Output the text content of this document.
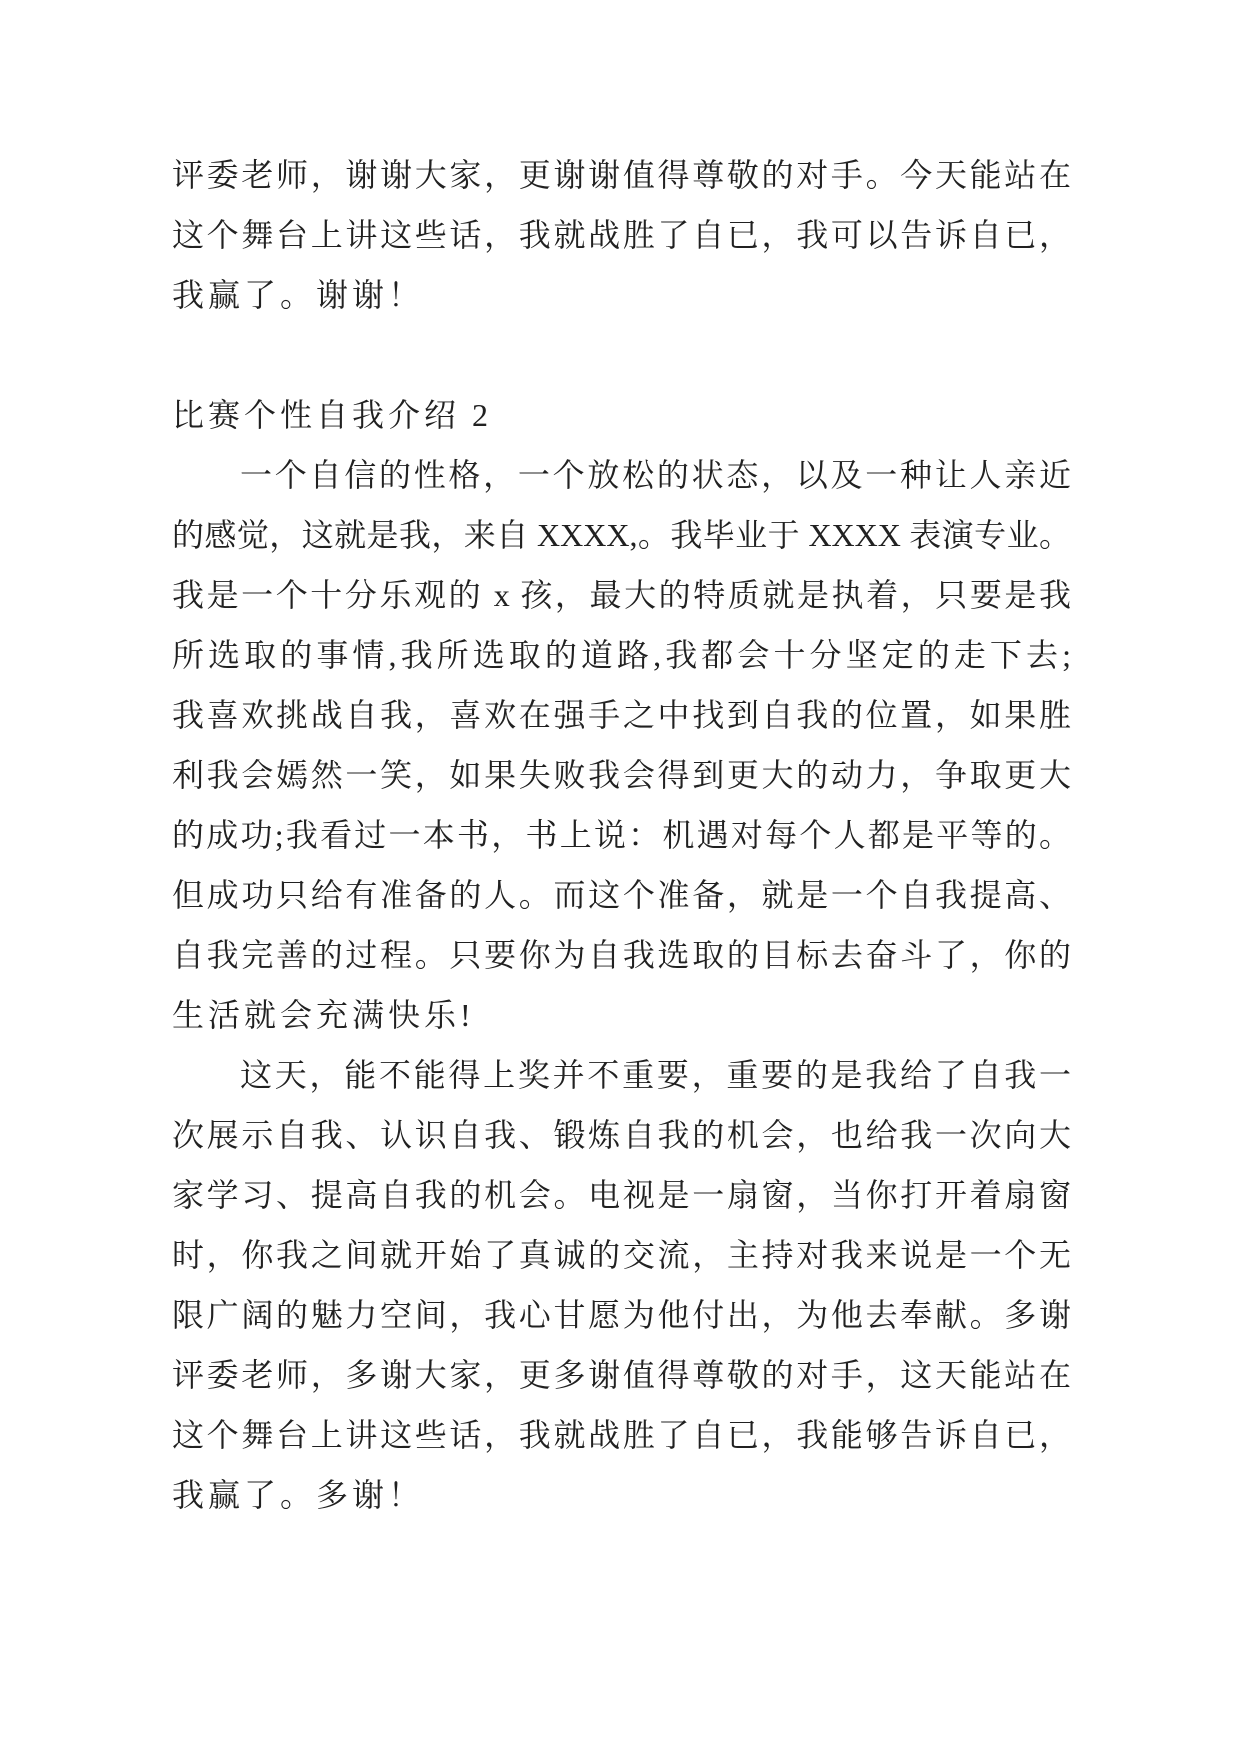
评委老师，谢谢大家，更谢谢值得尊敬的对手。今天能站在
这个舞台上讲这些话，我就战胜了自已，我可以告诉自已，
我赢了。谢谢！
比赛个性自我介绍 2
一个自信的性格，一个放松的状态，以及一种让人亲近
的感觉，这就是我，来自 XXXX,。我毕业于 XXXX 表演专业。
我是一个十分乐观的 x 孩，最大的特质就是执着，只要是我
所选取的事情,我所选取的道路,我都会十分坚定的走下去;
我喜欢挑战自我，喜欢在强手之中找到自我的位置，如果胜
利我会嫣然一笑，如果失败我会得到更大的动力，争取更大
的成功;我看过一本书，书上说：机遇对每个人都是平等的。
但成功只给有准备的人。而这个准备，就是一个自我提高、
自我完善的过程。只要你为自我选取的目标去奋斗了，你的
生活就会充满快乐!
这天，能不能得上奖并不重要，重要的是我给了自我一
次展示自我、认识自我、锻炼自我的机会，也给我一次向大
家学习、提高自我的机会。电视是一扇窗，当你打开着扇窗
时，你我之间就开始了真诚的交流，主持对我来说是一个无
限广阔的魅力空间，我心甘愿为他付出，为他去奉献。多谢
评委老师，多谢大家，更多谢值得尊敬的对手，这天能站在
这个舞台上讲这些话，我就战胜了自已，我能够告诉自已，
我赢了。多谢！
